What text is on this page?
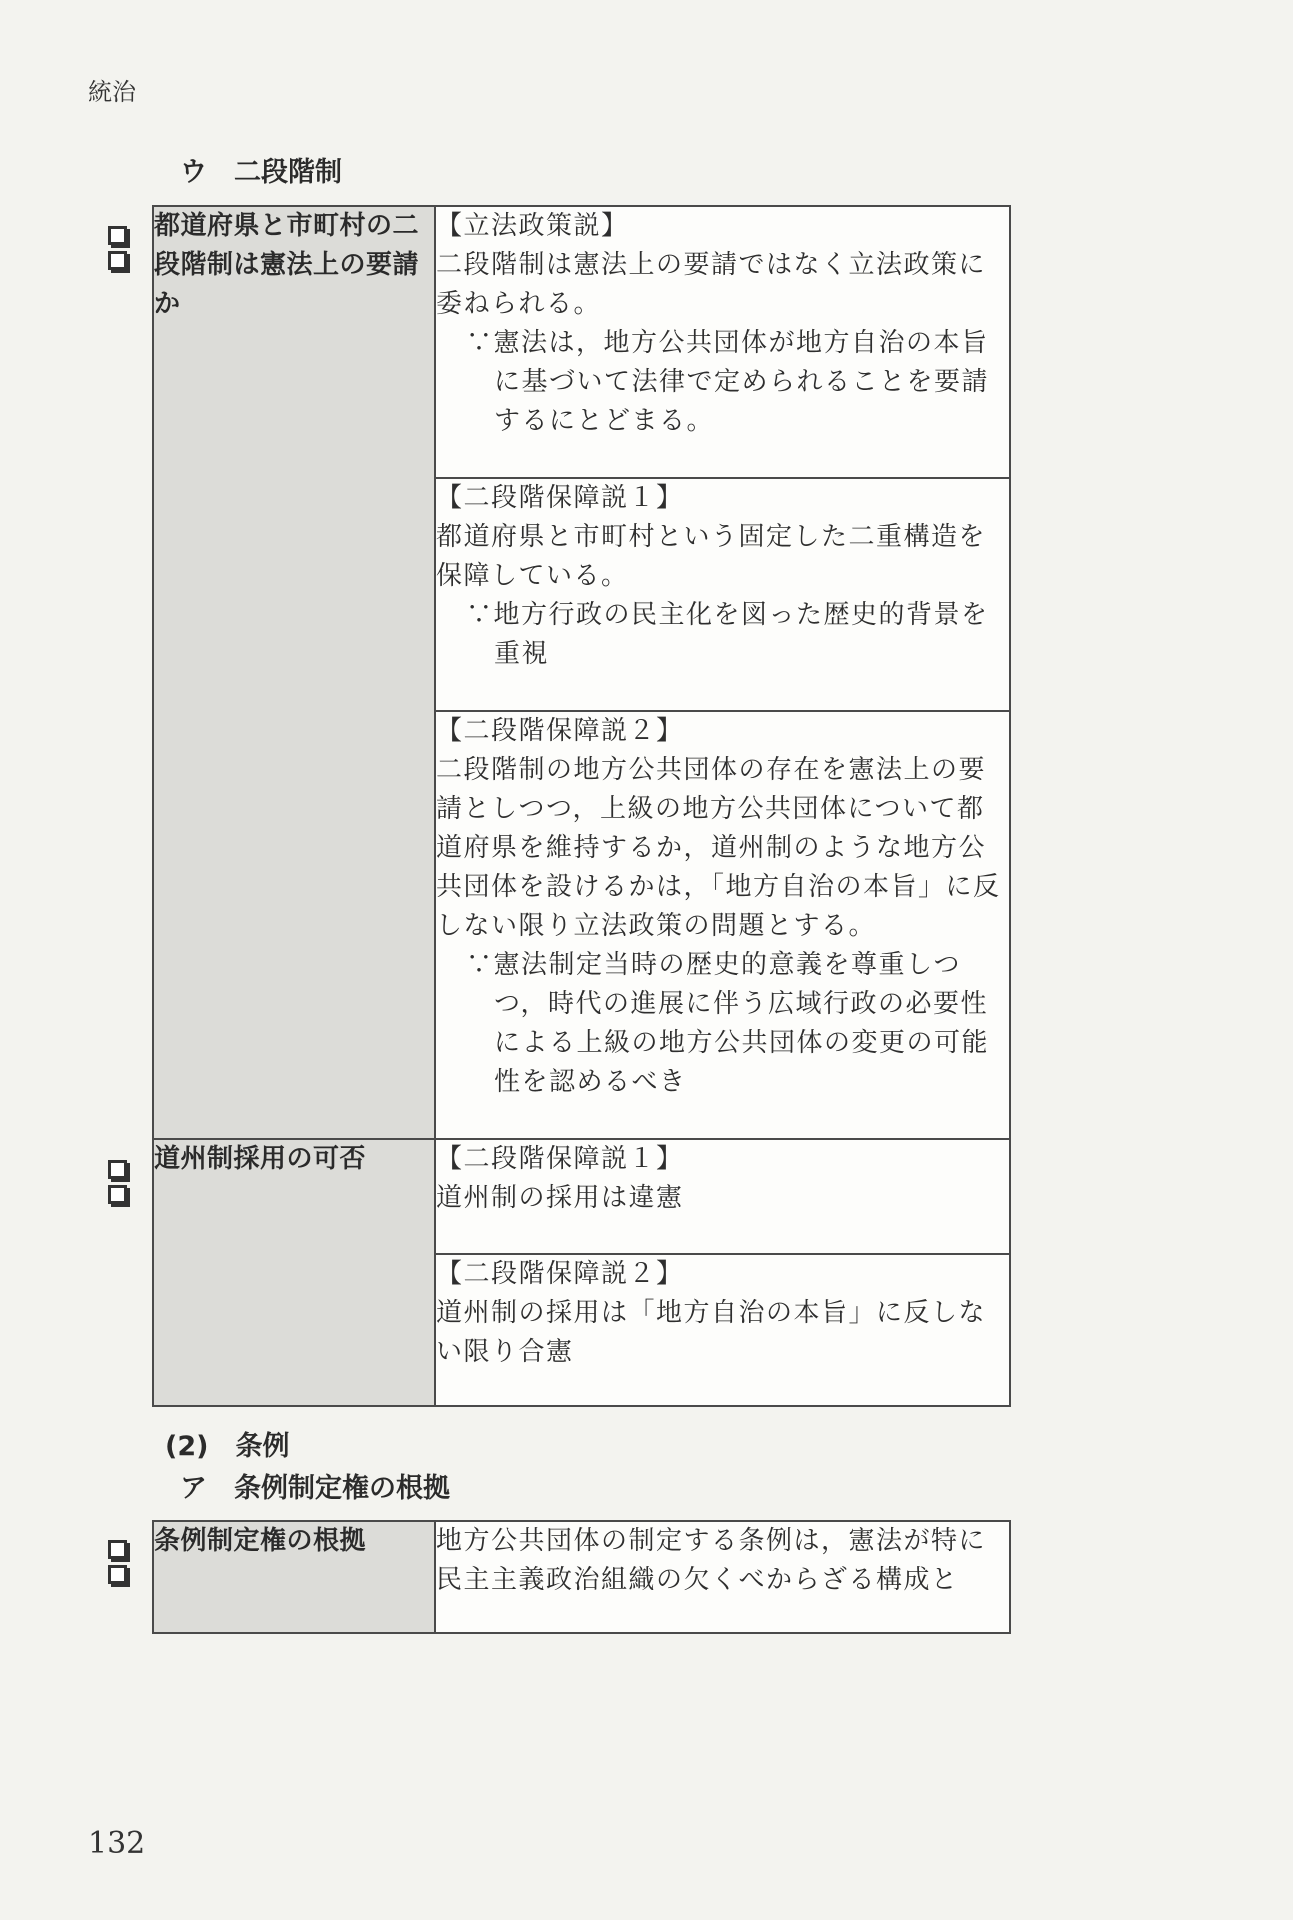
統治
ウ　二段階制
都道府県と市町村の二段階制は憲法上の要請か	【立法政策説】
二段階制は憲法上の要請ではなく立法政策に委ねられる。
∵憲法は，地方公共団体が地方自治の本旨に基づいて法律で定められることを要請するにとどまる。

	【二段階保障説１】
都道府県と市町村という固定した二重構造を保障している。
∵地方行政の民主化を図った歴史的背景を重視

	【二段階保障説２】
二段階制の地方公共団体の存在を憲法上の要請としつつ，上級の地方公共団体について都道府県を維持するか，道州制のような地方公共団体を設けるかは，「地方自治の本旨」に反しない限り立法政策の問題とする。
∵憲法制定当時の歴史的意義を尊重しつつ，時代の進展に伴う広域行政の必要性による上級の地方公共団体の変更の可能性を認めるべき

道州制採用の可否	【二段階保障説１】
道州制の採用は違憲

	【二段階保障説２】
道州制の採用は「地方自治の本旨」に反しない限り合憲
(2)　条例
ア　条例制定権の根拠
条例制定権の根拠	地方公共団体の制定する条例は，憲法が特に民主主義政治組織の欠くべからざる構成と
132
